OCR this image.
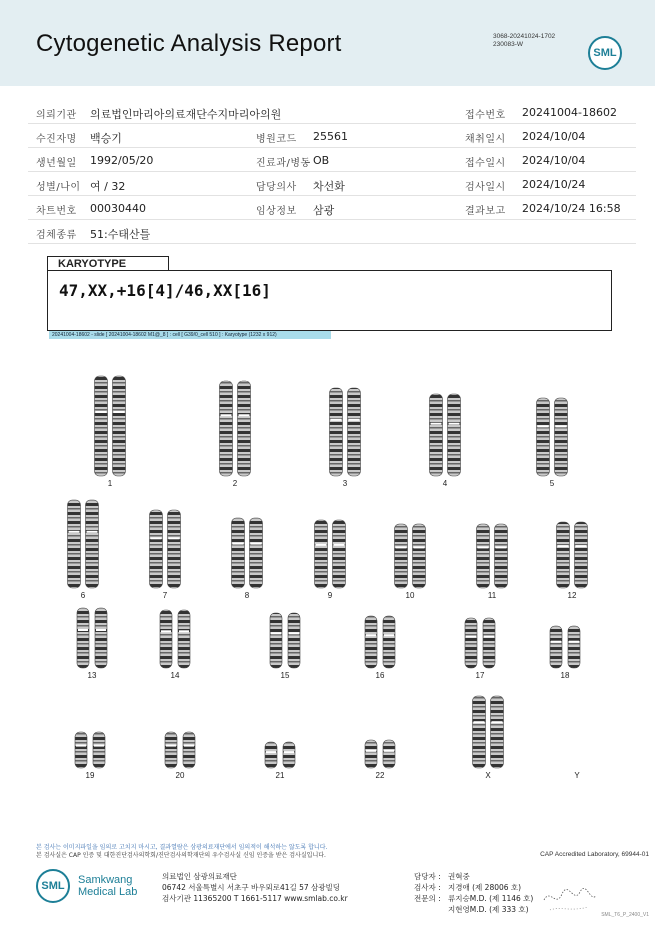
Cytogenetic Analysis Report	3068-20241024-1702
230083-W
SML
의뢰기관 의료법인마리아의료재단수지마리아의원	접수번호 20241004-18602
수진자명 백승기	병원코드 25561	채취일시 2024/10/04
생년월일 1992/05/20	진료과/병동 OB	접수일시 2024/10/04
성별/나이 여 / 32	담당의사 차선화	검사일시 2024/10/24
차트번호 00030440	임상정보 삼광	결과보고 2024/10/24 16:58
검체종류 51:수태산틀
KARYOTYPE
47,XX,+16[4]/46,XX[16]
20241004-18602 - slide [ 20241004-18602 M1@_8 ] : cell [ G39/0_cell 510 ] : Karyotype (1232 x 912)
1	2	3	4	5
6	7	8	9	10	11	12
13	14	15	16	17	18
19	20	21	22	X	Y
본 검사는 이미지파일을 임의로 고치지 마시고, 결과열람은 삼광의료재단에서 임의적이 해석하는 않도록 합니다.
본 검사실은 CAP 인증 및 대한진단검사의학회/진단검사의학재단의 우수검사실 신임 인증을 받은 검사실입니다.	CAP Accredited Laboratory, 69944-01
SML	Samkwang
Medical Lab
의료법인 삼광의료재단
06742 서울특별시 서초구 바우뫼로41길 57 삼광빌딩
검사기관 11365200 T 1661-5117 www.smlab.co.kr
담당자 : 권혁중
검사자 : 지경애 (제 28006 호)
전문의 : 류지승M.D. (제 1146 호)
지현영M.D. (제 333 호)
SML_T6_P_2400_V1
